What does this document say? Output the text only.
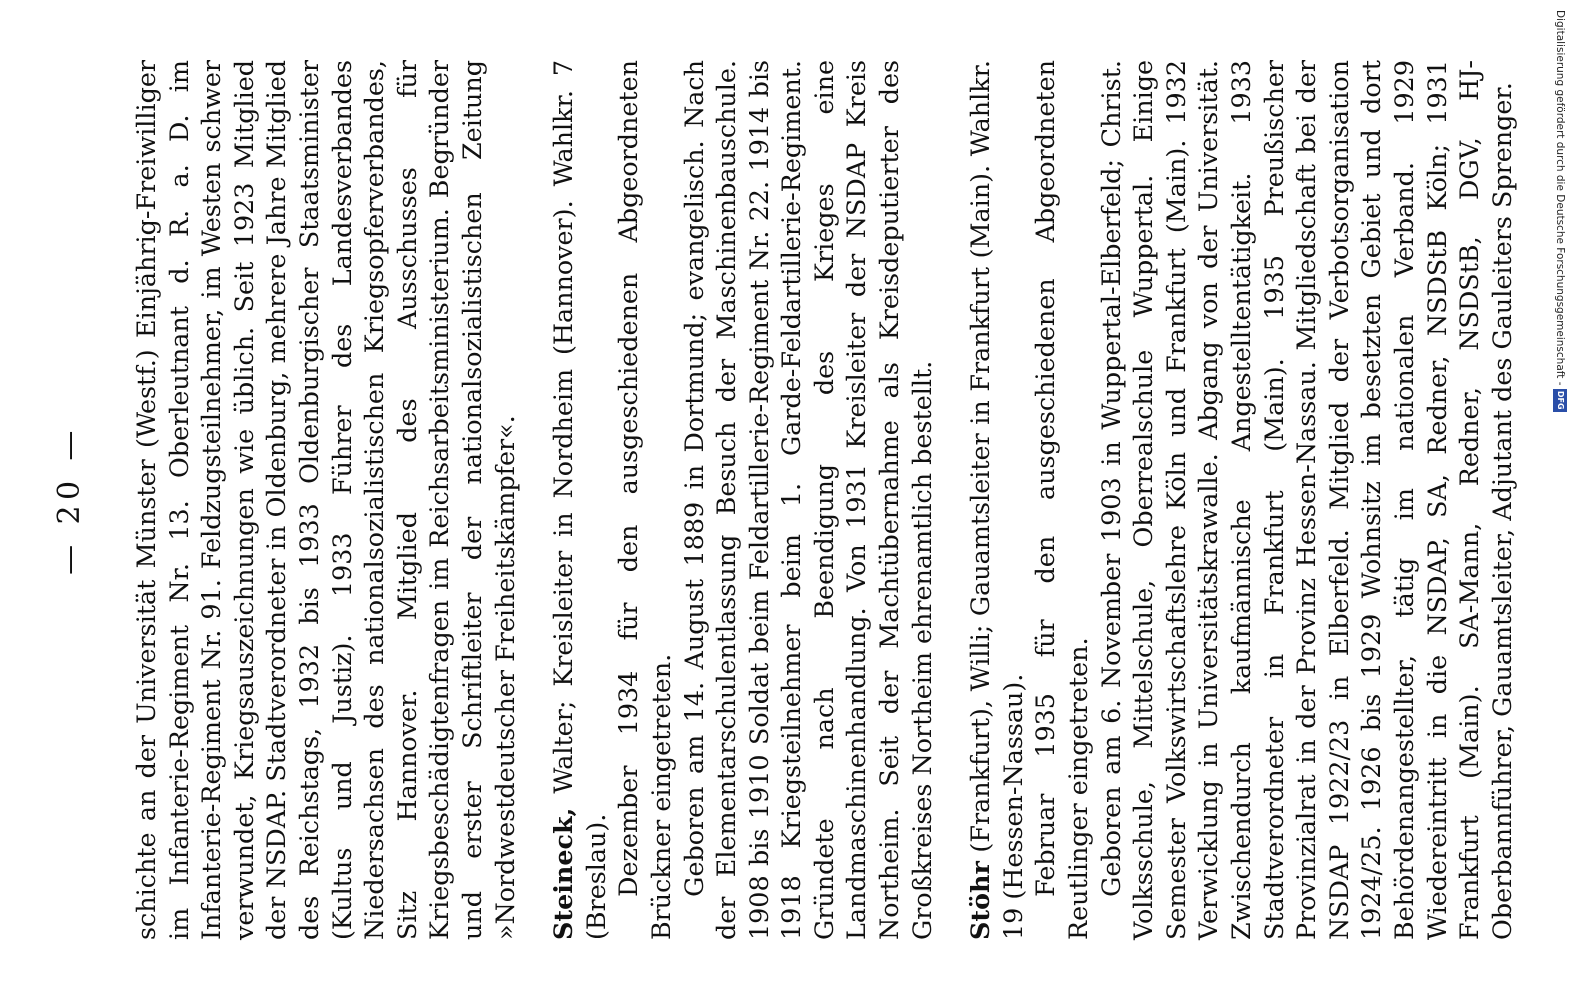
— 20 — schichte an der Universität Münster (Westf.) Einjährig-Freiwilliger im Infanterie-Regiment Nr. 13. Oberleutnant d. R. a. D. im Infanterie-Regiment Nr. 91. Feldzugsteilnehmer, im Westen schwer verwundet, Kriegsauszeichnungen wie üblich. Seit 1923 Mitglied der NSDAP. Stadtverordneter in Oldenburg, mehrere Jahre Mitglied des Reichstags, 1932 bis 1933 Oldenburgischer Staatsminister (Kultus und Justiz). 1933 Führer des Landesverbandes Niedersachsen des nationalsozialistischen Kriegsopferverbandes, Sitz Hannover. Mitglied des Ausschusses für Kriegsbeschädigtenfragen im Reichsarbeitsministerium. Begründer und erster Schriftleiter der nationalsozialistischen Zeitung »Nordwestdeutscher Freiheitskämpfer«. Steineck, Walter; Kreisleiter in Nordheim (Hannover). Wahlkr. 7 (Breslau). Dezember 1934 für den ausgeschiedenen Abgeordneten Brückner eingetreten. Geboren am 14. August 1889 in Dortmund; evangelisch. Nach der Elementarschulentlassung Besuch der Maschinenbauschule. 1908 bis 1910 Soldat beim Feldartillerie-Regiment Nr. 22. 1914 bis 1918 Kriegsteilnehmer beim 1. Garde-Feldartillerie-Regiment. Gründete nach Beendigung des Krieges eine Landmaschinenhandlung. Von 1931 Kreisleiter der NSDAP Kreis Northeim. Seit der Machtübernahme als Kreisdeputierter des Großkreises Northeim ehrenamtlich bestellt. Stöhr (Frankfurt), Willi; Gauamtsleiter in Frankfurt (Main). Wahlkr. 19 (Hessen-Nassau). Februar 1935 für den ausgeschiedenen Abgeordneten Reutlinger eingetreten. Geboren am 6. November 1903 in Wuppertal-Elberfeld; Christ. Volksschule, Mittelschule, Oberrealschule Wuppertal. Einige Semester Volkswirtschaftslehre Köln und Frankfurt (Main). 1932 Verwicklung in Universitätskrawalle. Abgang von der Universität. Zwischendurch kaufmännische Angestelltentätigkeit. 1933 Stadtverordneter in Frankfurt (Main). 1935 Preußischer Provinzialrat in der Provinz Hessen-Nassau. Mitgliedschaft bei der NSDAP 1922/23 in Elberfeld. Mitglied der Verbotsorganisation 1924/25. 1926 bis 1929 Wohnsitz im besetzten Gebiet und dort Behördenangestellter, tätig im nationalen Verband. 1929 Wiedereintritt in die NSDAP, SA, Redner, NSDStB Köln; 1931 Frankfurt (Main). SA-Mann, Redner, NSDStB, DGV, HJ-Oberbannführer, Gauamtsleiter, Adjutant des Gauleiters Sprenger.	Digitalisierung gefördert durch die Deutsche Forschungsgemeinschaft - DFG
